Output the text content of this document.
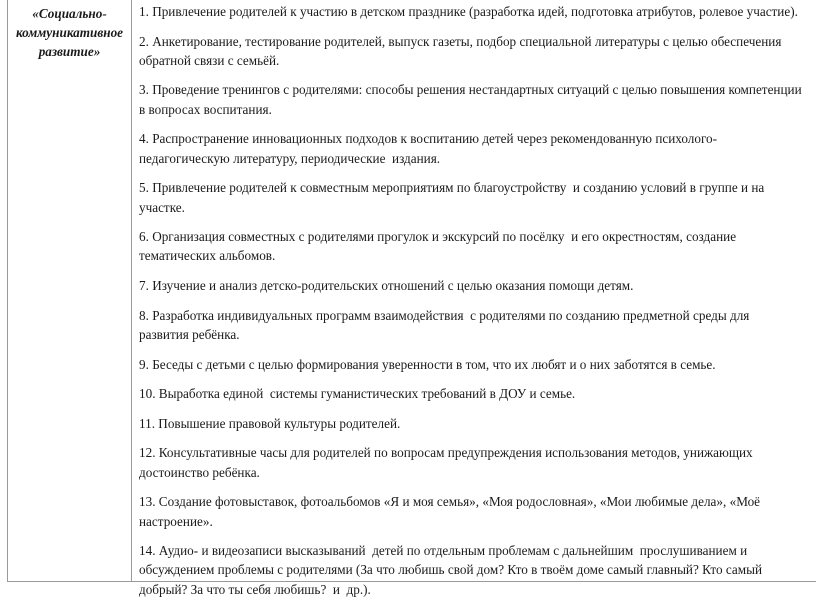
«Социально-
коммуникативное
развитие»
1. Привлечение родителей к участию в детском празднике (разработка идей, подготовка атрибутов, ролевое участие).
2. Анкетирование, тестирование родителей, выпуск газеты, подбор специальной литературы с целью обеспечения
обратной связи с семьёй.
3. Проведение тренингов с родителями: способы решения нестандартных ситуаций с целью повышения компетенции
в вопросах воспитания.
4. Распространение инновационных подходов к воспитанию детей через рекомендованную психолого-
педагогическую литературу, периодические  издания.
5. Привлечение родителей к совместным мероприятиям по благоустройству  и созданию условий в группе и на
участке.
6. Организация совместных с родителями прогулок и экскурсий по посёлку  и его окрестностям, создание
тематических альбомов.
7. Изучение и анализ детско-родительских отношений с целью оказания помощи детям.
8. Разработка индивидуальных программ взаимодействия  с родителями по созданию предметной среды для
развития ребёнка.
9. Беседы с детьми с целью формирования уверенности в том, что их любят и о них заботятся в семье.
10. Выработка единой  системы гуманистических требований в ДОУ и семье.
11. Повышение правовой культуры родителей.
12. Консультативные часы для родителей по вопросам предупреждения использования методов, унижающих
достоинство ребёнка.
13. Создание фотовыставок, фотоальбомов «Я и моя семья», «Моя родословная», «Мои любимые дела», «Моё
настроение».
14. Аудио- и видеозаписи высказываний  детей по отдельным проблемам с дальнейшим  прослушиванием и
обсуждением проблемы с родителями (За что любишь свой дом? Кто в твоём доме самый главный? Кто самый
добрый? За что ты себя любишь?  и  др.).
